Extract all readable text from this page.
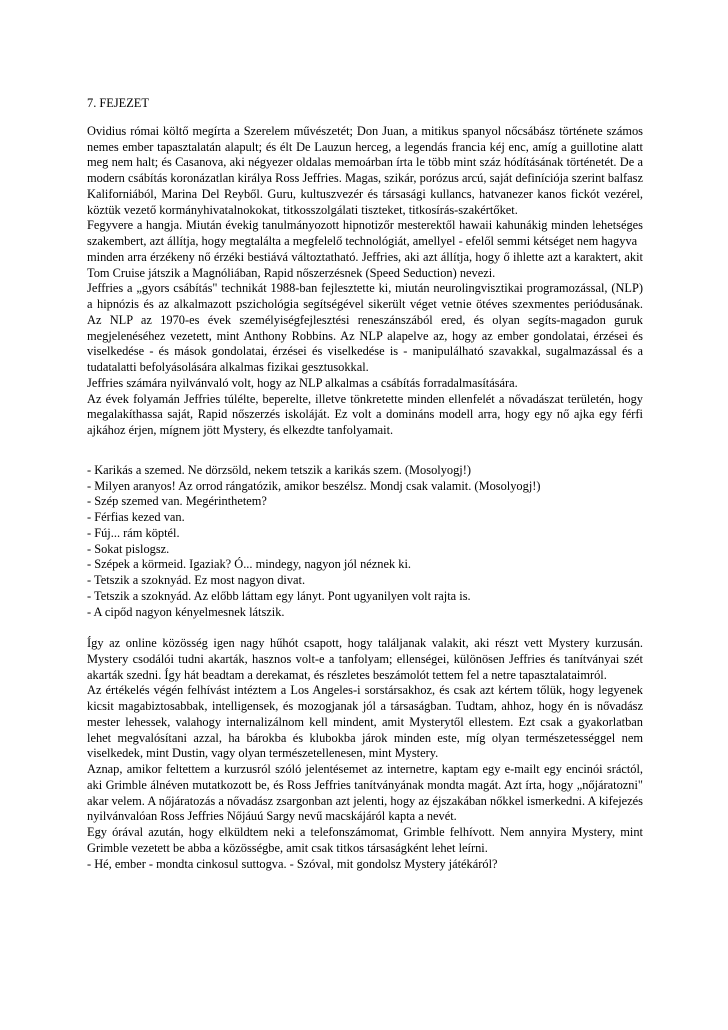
7. FEJEZET

Ovidius római költő megírta a Szerelem művészetét; Don Juan, a mitikus spanyol nőcsábász története számos nemes ember tapasztalatán alapult; és élt De Lauzun herceg, a legendás francia kéj enc, amíg a guillotine alatt meg nem halt; és Casanova, aki négyezer oldalas memoárban írta le több mint száz hódításának történetét. De a modern csábítás koronázatlan királya Ross Jeffries. Magas, szikár, porózus arcú, saját definíciója szerint balfasz Kaliforniából, Marina Del Reyből. Guru, kultuszvezér és társasági kullancs, hatvanezer kanos fickót vezérel, köztük vezető kormányhivatalnokokat, titkosszolgálati tiszteket, titkosírás-szakértőket.

Fegyvere a hangja. Miután évekig tanulmányozott hipnotizőr mesterektől hawaii kahunákig minden lehetséges szakembert, azt állítja, hogy megtalálta a megfelelő technológiát, amellyel - efelől semmi kétséget nem hagyva

minden arra érzékeny nő érzéki bestiává változtatható. Jeffries, aki azt állítja, hogy ő ihlette azt a karaktert, akit Tom Cruise játszik a Magnóliában, Rapid nőszerzésnek (Speed Seduction) nevezi.

Jeffries a „gyors csábítás" technikát 1988-ban fejlesztette ki, miután neurolingvisztikai programozással, (NLP) a hipnózis és az alkalmazott pszichológia segítségével sikerült véget vetnie ötéves szexmentes periódusának. Az NLP az 1970-es évek személyiségfejlesztési reneszánszából ered, és olyan segíts-magadon guruk megjelenéséhez vezetett, mint Anthony Robbins. Az NLP alapelve az, hogy az ember gondolatai, érzései és viselkedése - és mások gondolatai, érzései és viselkedése is - manipulálható szavakkal, sugalmazással és a tudatalatti befolyásolására alkalmas fizikai gesztusokkal.

Jeffries számára nyilvánvaló volt, hogy az NLP alkalmas a csábítás forradalmasítására.

Az évek folyamán Jeffries túlélte, beperelte, illetve tönkretette minden ellenfelét a nővadászat területén, hogy megalakíthassa saját, Rapid nőszerzés iskoláját. Ez volt a domináns modell arra, hogy egy nő ajka egy férfi ajkához érjen, mígnem jött Mystery, és elkezdte tanfolyamait.

- Karikás a szemed. Ne dörzsöld, nekem tetszik a karikás szem. (Mosolyogj!)
- Milyen aranyos! Az orrod rángatózik, amikor beszélsz. Mondj csak valamit. (Mosolyogj!)
- Szép szemed van. Megérinthetem?
- Férfias kezed van.
- Fúj... rám köptél.
- Sokat pislogsz.
- Szépek a körmeid. Igaziak? Ó... mindegy, nagyon jól néznek ki.
- Tetszik a szoknyád. Ez most nagyon divat.
- Tetszik a szoknyád. Az előbb láttam egy lányt. Pont ugyanilyen volt rajta is.
- A cipőd nagyon kényelmesnek látszik.

Így az online közösség igen nagy hűhót csapott, hogy találjanak valakit, aki részt vett Mystery kurzusán. Mystery csodálói tudni akarták, hasznos volt-e a tanfolyam; ellenségei, különösen Jeffries és tanítványai szét akarták szedni. Így hát beadtam a derekamat, és részletes beszámolót tettem fel a netre tapasztalataimról.

Az értékelés végén felhívást intéztem a Los Angeles-i sorstársakhoz, és csak azt kértem tőlük, hogy legyenek kicsit magabiztosabbak, intelligensek, és mozogjanak jól a társaságban. Tudtam, ahhoz, hogy én is nővadász mester lehessek, valahogy internalizálnom kell mindent, amit Mysterytől ellestem. Ezt csak a gyakorlatban lehet megvalósítani azzal, ha bárokba és klubokba járok minden este, míg olyan természetességgel nem viselkedek, mint Dustin, vagy olyan természetellenesen, mint Mystery.

Aznap, amikor feltettem a kurzusról szóló jelentésemet az internetre, kaptam egy e-mailt egy encinói sráctól, aki Grimble álnéven mutatkozott be, és Ross Jeffries tanítványának mondta magát. Azt írta, hogy „nőjáratozni" akar velem. A nőjáratozás a nővadász zsargonban azt jelenti, hogy az éjszakában nőkkel ismerkedni. A kifejezés nyilvánvalóan Ross Jeffries Nőjáuú Sargy nevű macskájáról kapta a nevét.

Egy órával azután, hogy elküldtem neki a telefonszámomat, Grimble felhívott. Nem annyira Mystery, mint Grimble vezetett be abba a közösségbe, amit csak titkos társaságként lehet leírni.

- Hé, ember - mondta cinkosul suttogva. - Szóval, mit gondolsz Mystery játékáról?
